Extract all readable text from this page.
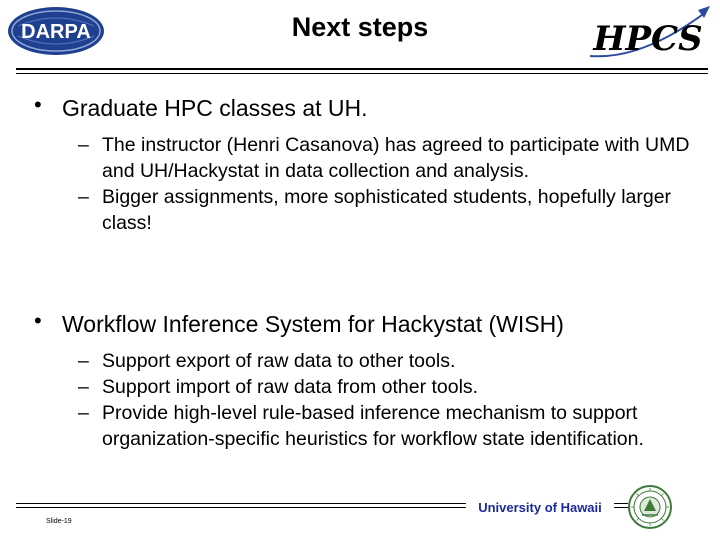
DARPA	Next steps	HPCS
• Graduate HPC classes at UH.
– The instructor (Henri Casanova) has agreed to participate with UMD and UH/Hackystat in data collection and analysis.
– Bigger assignments, more sophisticated students, hopefully larger class!
• Workflow Inference System for Hackystat (WISH)
– Support export of raw data to other tools.
– Support import of raw data from other tools.
– Provide high-level rule-based inference mechanism to support organization-specific heuristics for workflow state identification.
University of Hawaii
Slide-19
